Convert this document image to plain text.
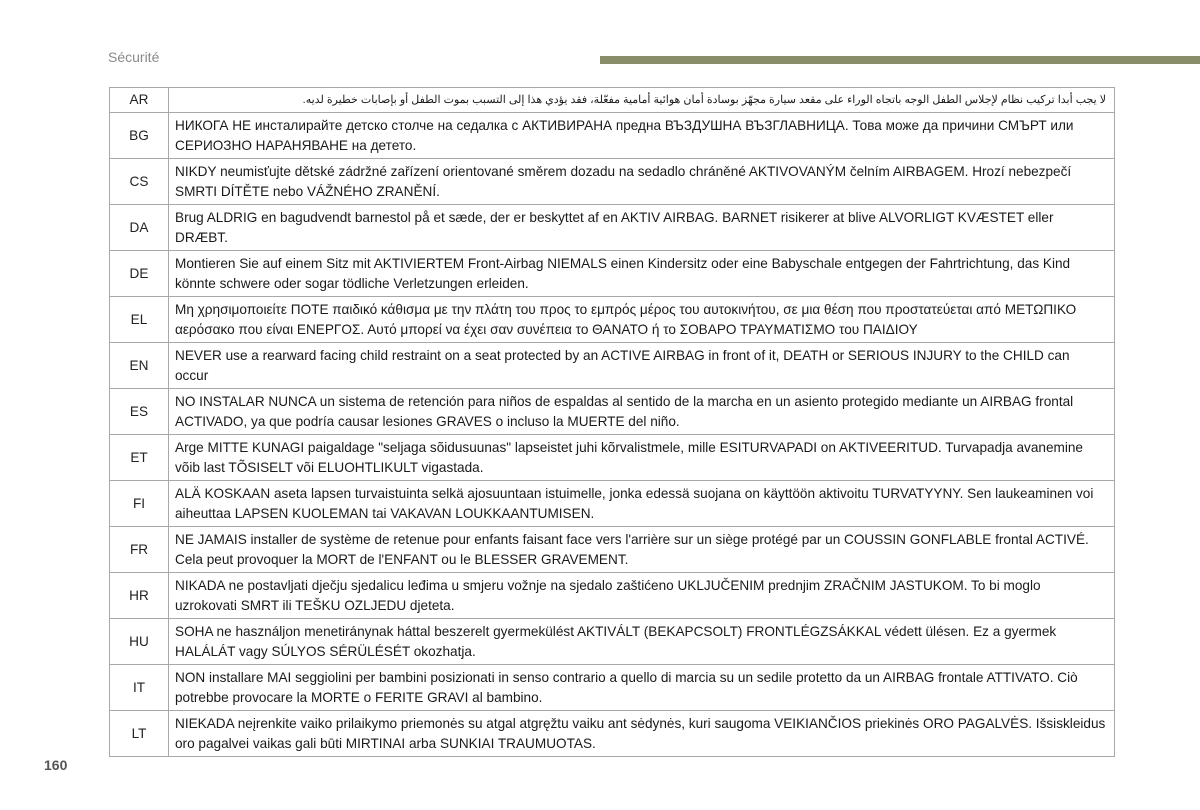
Sécurité
AR	لا يجب أبدا تركيب نظام لإجلاس الطفل الوجه باتجاه الوراء على مقعد سيارة مجهّز بوسادة أمان هوائية أمامية مفعّلة، فقد يؤدي هذا إلى التسبب بموت الطفل أو بإصابات خطيرة لديه.
BG	НИКОГА НЕ инсталирайте детско столче на седалка с АКТИВИРАНА предна ВЪЗДУШНА ВЪЗГЛАВНИЦА. Това може да причини СМЪРТ или СЕРИОЗНО НАРАНЯВАНЕ на детето.
CS	NIKDY neumisťujte dětské zádržné zařízení orientované směrem dozadu na sedadlo chráněné AKTIVOVANÝM čelním AIRBAGEM. Hrozí nebezpečí SMRTI DÍTĚTE nebo VÁŽNÉHO ZRANĚNÍ.
DA	Brug ALDRIG en bagudvendt barnestol på et sæde, der er beskyttet af en AKTIV AIRBAG. BARNET risikerer at blive ALVORLIGT KVÆSTET eller DRÆBT.
DE	Montieren Sie auf einem Sitz mit AKTIVIERTEM Front-Airbag NIEMALS einen Kindersitz oder eine Babyschale entgegen der Fahrtrichtung, das Kind könnte schwere oder sogar tödliche Verletzungen erleiden.
EL	Μη χρησιμοποιείτε ΠΟΤΕ παιδικό κάθισμα με την πλάτη του προς το εμπρός μέρος του αυτοκινήτου, σε μια θέση που προστατεύεται από ΜΕΤΩΠΙΚΟ αερόσακο που είναι ΕΝΕΡΓΟΣ. Αυτό μπορεί να έχει σαν συνέπεια το ΘΑΝΑΤΟ ή το ΣΟΒΑΡΟ ΤΡΑΥΜΑΤΙΣΜΟ του ΠΑΙΔΙΟΥ
EN	NEVER use a rearward facing child restraint on a seat protected by an ACTIVE AIRBAG in front of it, DEATH or SERIOUS INJURY to the CHILD can occur
ES	NO INSTALAR NUNCA un sistema de retención para niños de espaldas al sentido de la marcha en un asiento protegido mediante un AIRBAG frontal ACTIVADO, ya que podría causar lesiones GRAVES o incluso la MUERTE del niño.
ET	Arge MITTE KUNAGI paigaldage "seljaga sõidusuunas" lapseistet juhi kõrvalistmele, mille ESITURVAPADI on AKTIVEERITUD. Turvapadja avanemine võib last TÕSISELT või ELUOHTLIKULT vigastada.
FI	ALÄ KOSKAAN aseta lapsen turvaistuinta selkä ajosuuntaan istuimelle, jonka edessä suojana on käyttöön aktivoitu TURVATYYNY. Sen laukeaminen voi aiheuttaa LAPSEN KUOLEMAN tai VAKAVAN LOUKKAANTUMISEN.
FR	NE JAMAIS installer de système de retenue pour enfants faisant face vers l'arrière sur un siège protégé par un COUSSIN GONFLABLE frontal ACTIVÉ. Cela peut provoquer la MORT de l'ENFANT ou le BLESSER GRAVEMENT.
HR	NIKADA ne postavljati dječju sjedalicu leđima u smjeru vožnje na sjedalo zaštićeno UKLJUČENIM prednjim ZRAČNIM JASTUKOM. To bi moglo uzrokovati SMRT ili TEŠKU OZLJEDU djeteta.
HU	SOHA ne használjon menetiránynak háttal beszerelt gyermekülést AKTIVÁLT (BEKAPCSOLT) FRONTLÉGZSÁKKAL védett ülésen. Ez a gyermek HALÁLÁT vagy SÚLYOS SÉRÜLÉSÉT okozhatja.
IT	NON installare MAI seggiolini per bambini posizionati in senso contrario a quello di marcia su un sedile protetto da un AIRBAG frontale ATTIVATO. Ciò potrebbe provocare la MORTE o FERITE GRAVI al bambino.
LT	NIEKADA neįrenkite vaiko prilaikymo priemonės su atgal atgręžtu vaiku ant sėdynės, kuri saugoma VEIKIANČIOS priekinės ORO PAGALVĖS. Išsiskleidus oro pagalvei vaikas gali būti MIRTINAI arba SUNKIAI TRAUMUOTAS.
160
